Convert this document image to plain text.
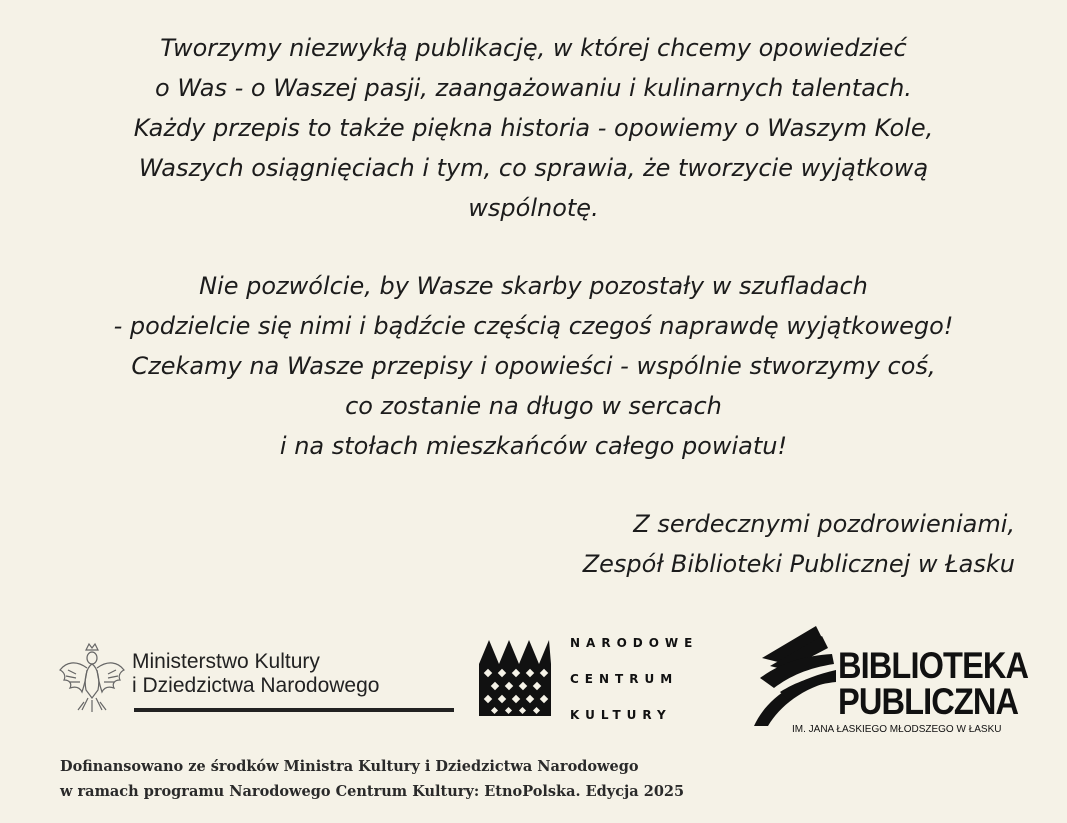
Tworzymy niezwykłą publikację, w której chcemy opowiedzieć
o Was - o Waszej pasji, zaangażowaniu i kulinarnych talentach.
Każdy przepis to także piękna historia - opowiemy o Waszym Kole,
Waszych osiągnięciach i tym, co sprawia, że tworzycie wyjątkową
wspólnotę.
Nie pozwólcie, by Wasze skarby pozostały w szufladach
- podzielcie się nimi i bądźcie częścią czegoś naprawdę wyjątkowego!
Czekamy na Wasze przepisy i opowieści - wspólnie stworzymy coś,
co zostanie na długo w sercach
i na stołach mieszkańców całego powiatu!
Z serdecznymi pozdrowieniami,
Zespół Biblioteki Publicznej w Łasku
Ministerstwo Kultury
i Dziedzictwa Narodowego
NARODOWE
CENTRUM
KULTURY
BIBLIOTEKA
PUBLICZNA
IM. JANA ŁASKIEGO MŁODSZEGO W ŁASKU
Dofinansowano ze środków Ministra Kultury i Dziedzictwa Narodowego
w ramach programu Narodowego Centrum Kultury: EtnoPolska. Edycja 2025
